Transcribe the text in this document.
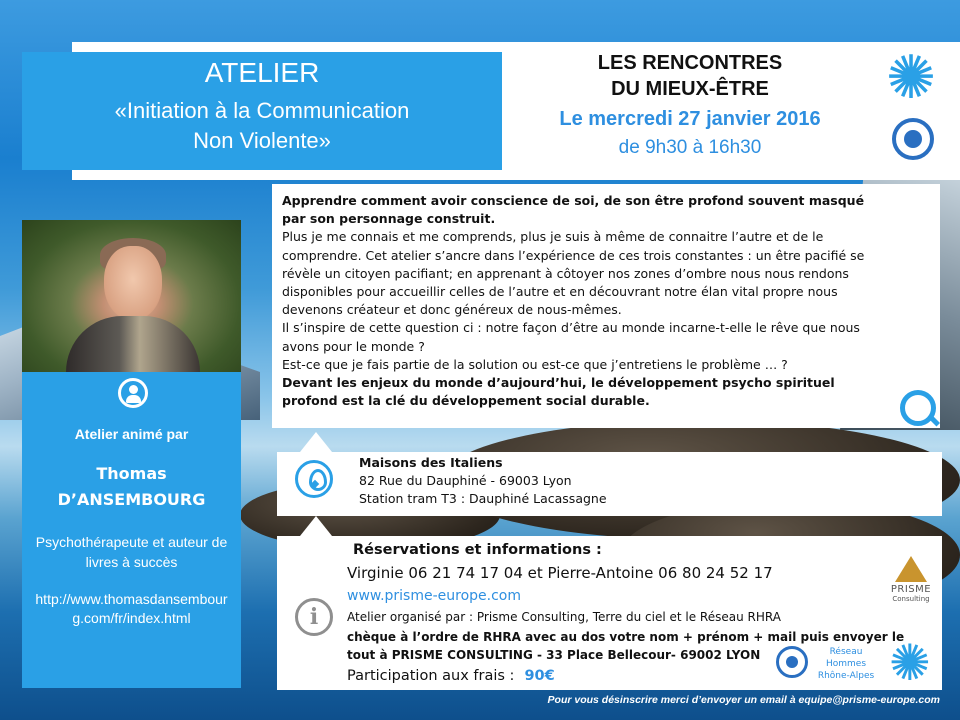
ATELIER
«Initiation à la Communication
Non Violente»
LES RENCONTRES
DU MIEUX-ÊTRE
Le mercredi 27 janvier 2016
de 9h30 à 16h30
✺
Atelier animé par
Thomas
D’ANSEMBOURG
Psychothérapeute et auteur de livres à succès
http://www.thomasdansembourg.com/fr/index.html
Apprendre comment avoir conscience de soi, de son être profond souvent masqué par son personnage construit.
Plus je me connais et me comprends, plus je suis à même de connaitre l’autre et de le comprendre. Cet atelier s’ancre dans l’expérience de ces trois constantes : un être pacifié se révèle un citoyen pacifiant; en apprenant à côtoyer nos zones d’ombre nous nous rendons disponibles pour accueillir celles de l’autre et en découvrant notre élan vital propre nous devenons créateur et donc généreux de nous-mêmes.
Il s’inspire de cette question ci : notre façon d’être au monde incarne-t-elle le rêve que nous avons pour le monde ?
Est-ce que je fais partie de la solution ou est-ce que j’entretiens le problème … ?
Devant les enjeux du monde d’aujourd’hui, le développement psycho spirituel profond est la clé du développement social durable.
Maisons des Italiens
82 Rue du Dauphiné - 69003 Lyon
Station tram T3 : Dauphiné Lacassagne
i
Réservations et informations :
Virginie 06 21 74 17 04 et Pierre-Antoine 06 80 24 52 17
www.prisme-europe.com
Atelier organisé par : Prisme Consulting, Terre du ciel et le Réseau RHRA
chèque à l’ordre de RHRA avec au dos votre nom + prénom + mail puis envoyer le tout à PRISME CONSULTING - 33 Place Bellecour- 69002 LYON
Participation aux frais : 90€
PRISME
Consulting
Réseau
Hommes
Rhône-Alpes ✺
Pour vous désinscrire merci d’envoyer un email à equipe@prisme-europe.com
